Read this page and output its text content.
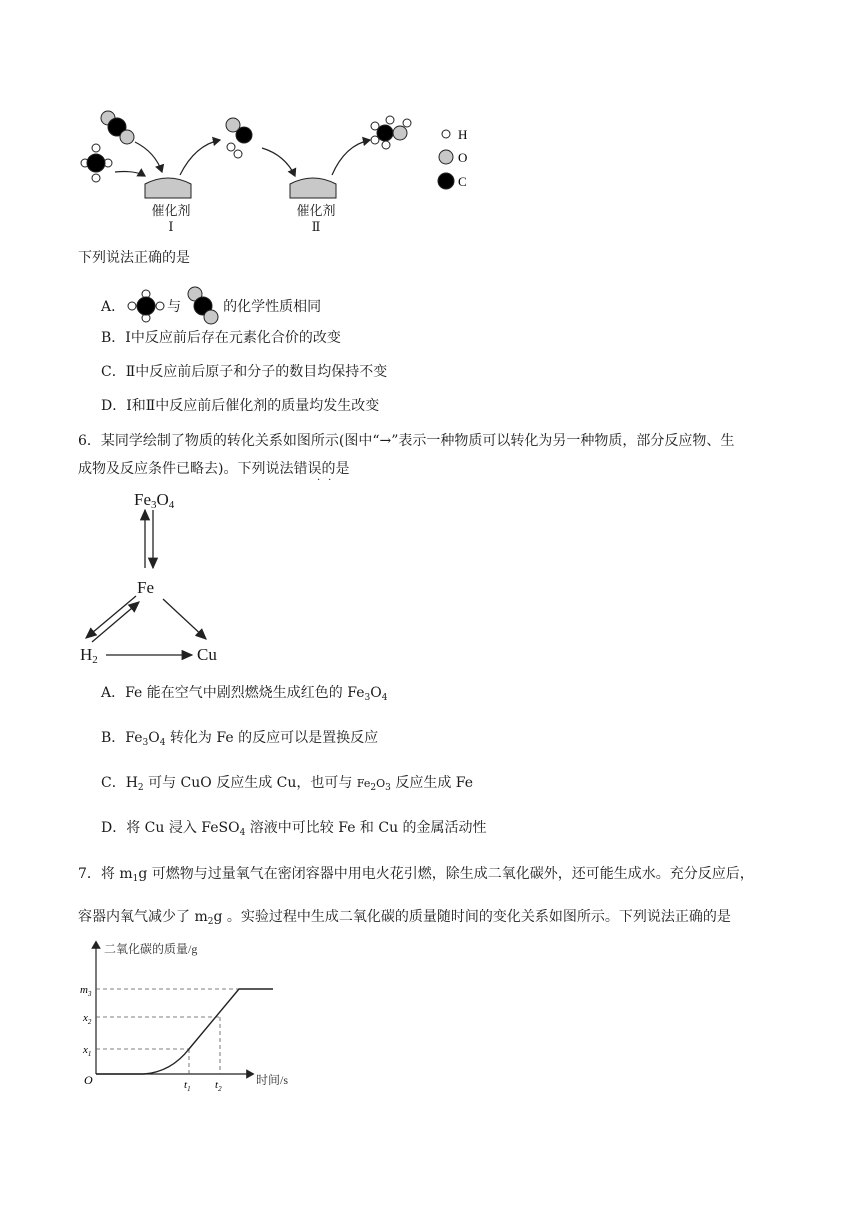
H
O
C
催化剂
Ⅰ
催化剂
Ⅱ
下列说法正确的是
A．	与	的化学性质相同
B．Ⅰ中反应前后存在元素化合价的改变
C．Ⅱ中反应前后原子和分子的数目均保持不变
D．Ⅰ和Ⅱ中反应前后催化剂的质量均发生改变
6．某同学绘制了物质的转化关系如图所示(图中“→”表示一种物质可以转化为另一种物质，部分反应物、生
成物及反应条件已略去)。下列说法错误的是
··
$Fe_3O_4$
Fe
$H_2$	Cu
A．Fe 能在空气中剧烈燃烧生成红色的 $Fe_3O_4$
B．$Fe_3O_4$ 转化为 Fe 的反应可以是置换反应
C．$H_2$ 可与 CuO 反应生成 Cu，也可与 $Fe_2O_3$ 反应生成 Fe
D．将 Cu 浸入 FeSO$_4$ 溶液中可比较 Fe 和 Cu 的金属活动性
7．将 $m_1g$ 可燃物与过量氧气在密闭容器中用电火花引燃，除生成二氧化碳外，还可能生成水。充分反应后，
容器内氧气减少了 $m_2g$ 。实验过程中生成二氧化碳的质量随时间的变化关系如图所示。下列说法正确的是
二氧化碳的质量/g
O
$m_3$
$x_2$
$x_1$
$t_1$ $t_2$
时间/s
